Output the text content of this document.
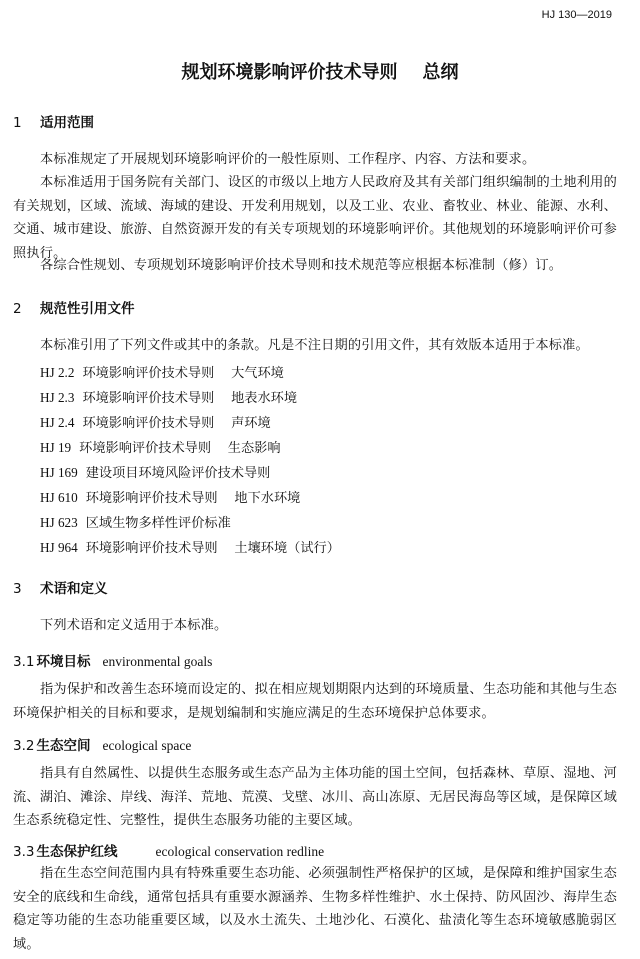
HJ 130—2019
规划环境影响评价技术导则    总纲
1 适用范围
本标准规定了开展规划环境影响评价的一般性原则、工作程序、内容、方法和要求。
本标准适用于国务院有关部门、设区的市级以上地方人民政府及其有关部门组织编制的土地利用的有关规划，区域、流域、海域的建设、开发利用规划，以及工业、农业、畜牧业、林业、能源、水利、交通、城市建设、旅游、自然资源开发的有关专项规划的环境影响评价。其他规划的环境影响评价可参照执行。
各综合性规划、专项规划环境影响评价技术导则和技术规范等应根据本标准制（修）订。
2 规范性引用文件
本标准引用了下列文件或其中的条款。凡是不注日期的引用文件，其有效版本适用于本标准。
HJ 2.2 环境影响评价技术导则    大气环境
HJ 2.3 环境影响评价技术导则    地表水环境
HJ 2.4 环境影响评价技术导则    声环境
HJ 19 环境影响评价技术导则    生态影响
HJ 169 建设项目环境风险评价技术导则
HJ 610 环境影响评价技术导则    地下水环境
HJ 623 区域生物多样性评价标准
HJ 964 环境影响评价技术导则    土壤环境（试行）
3 术语和定义
下列术语和定义适用于本标准。
3.1 环境目标 environmental goals
指为保护和改善生态环境而设定的、拟在相应规划期限内达到的环境质量、生态功能和其他与生态环境保护相关的目标和要求，是规划编制和实施应满足的生态环境保护总体要求。
3.2 生态空间 ecological space
指具有自然属性、以提供生态服务或生态产品为主体功能的国土空间，包括森林、草原、湿地、河流、湖泊、滩涂、岸线、海洋、荒地、荒漠、戈壁、冰川、高山冻原、无居民海岛等区域，是保障区域生态系统稳定性、完整性，提供生态服务功能的主要区域。
3.3 生态保护红线	ecological conservation redline
指在生态空间范围内具有特殊重要生态功能、必须强制性严格保护的区域，是保障和维护国家生态安全的底线和生命线，通常包括具有重要水源涵养、生物多样性维护、水土保持、防风固沙、海岸生态稳定等功能的生态功能重要区域，以及水土流失、土地沙化、石漠化、盐渍化等生态环境敏感脆弱区域。
